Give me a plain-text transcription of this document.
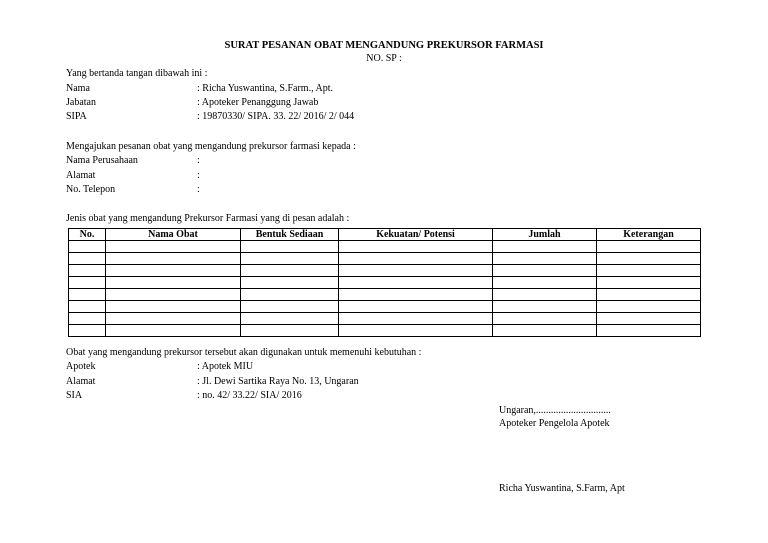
SURAT PESANAN OBAT MENGANDUNG PREKURSOR FARMASI
NO. SP :
Yang bertanda tangan dibawah ini :
Nama	: Richa Yuswantina, S.Farm., Apt.
Jabatan	: Apoteker Penanggung Jawab
SIPA	: 19870330/ SIPA. 33. 22/ 2016/ 2/ 044
Mengajukan pesanan obat yang mengandung prekursor farmasi kepada :
Nama Perusahaan	:
Alamat	:
No. Telepon	:
Jenis obat yang mengandung Prekursor Farmasi yang di pesan adalah :
No.	Nama Obat	Bentuk Sediaan	Kekuatan/ Potensi	Jumlah	Keterangan

Obat yang mengandung prekursor tersebut akan digunakan untuk memenuhi kebutuhan :
Apotek	: Apotek MIU
Alamat	: Jl. Dewi Sartika Raya No. 13, Ungaran
SIA	: no. 42/ 33.22/ SIA/ 2016
Ungaran,..............................
Apoteker Pengelola Apotek
Richa Yuswantina, S.Farm, Apt
